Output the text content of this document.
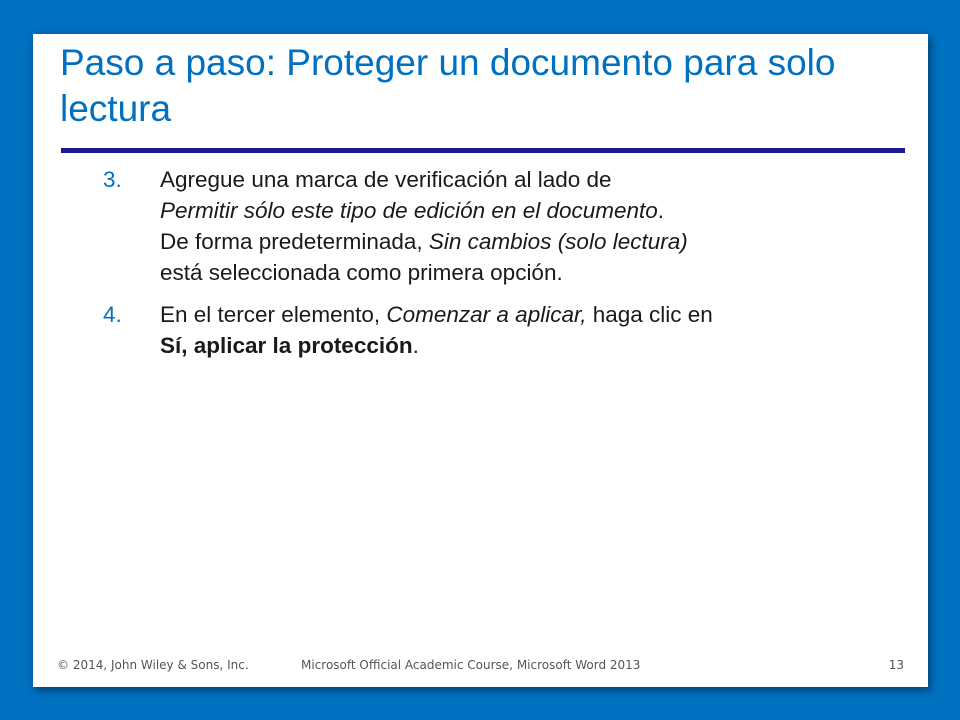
Paso a paso: Proteger un documento para solo lectura
3. Agregue una marca de verificación al lado de
Permitir sólo este tipo de edición en el documento.
De forma predeterminada, Sin cambios (solo lectura)
está seleccionada como primera opción.
4. En el tercer elemento, Comenzar a aplicar, haga clic en
Sí, aplicar la protección.
© 2014, John Wiley & Sons, Inc.	Microsoft Official Academic Course, Microsoft Word 2013	13
